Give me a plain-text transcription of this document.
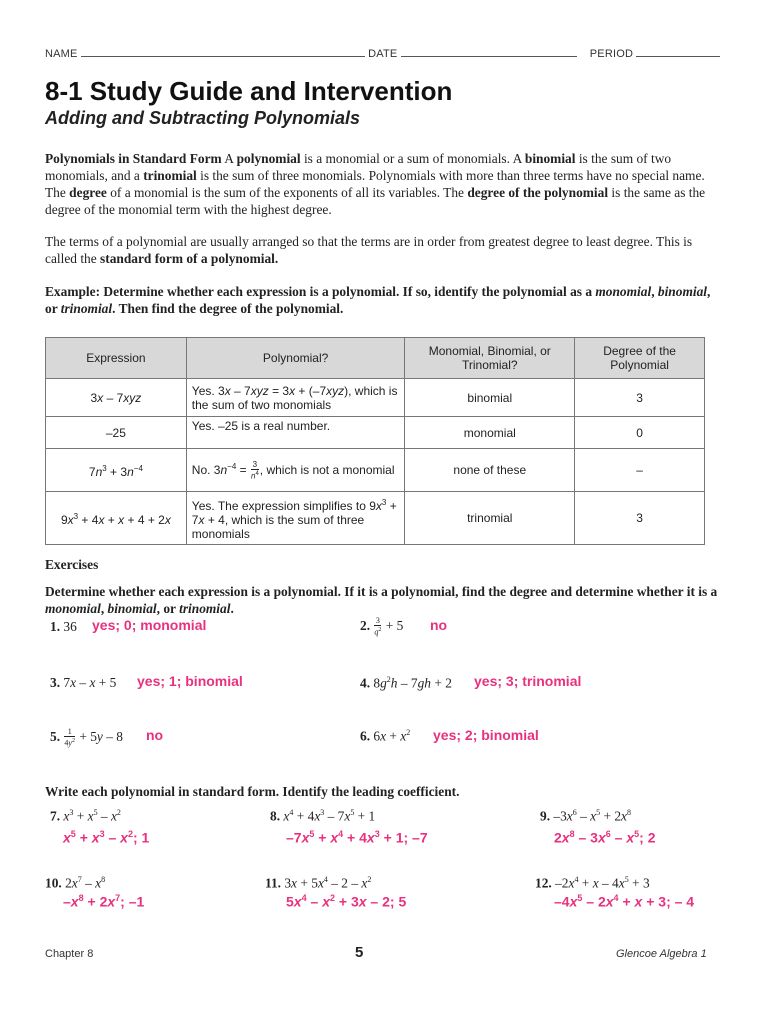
NAME	DATE	PERIOD
8-1 Study Guide and Intervention
Adding and Subtracting Polynomials

Polynomials in Standard Form A polynomial is a monomial or a sum of monomials. A binomial is the sum of two monomials, and a trinomial is the sum of three monomials. Polynomials with more than three terms have no special name. The degree of a monomial is the sum of the exponents of all its variables. The degree of the polynomial is the same as the degree of the monomial term with the highest degree.

The terms of a polynomial are usually arranged so that the terms are in order from greatest degree to least degree. This is called the standard form of a polynomial.

Example: Determine whether each expression is a polynomial. If so, identify the polynomial as a monomial, binomial, or trinomial. Then find the degree of the polynomial.

Expression	Polynomial?	Monomial, Binomial, or Trinomial?	Degree of the Polynomial
3x – 7xyz	Yes. 3x – 7xyz = 3x + (–7xyz), which is the sum of two monomials	binomial	3
–25	Yes. –25 is a real number.	monomial	0
$7n^3 + 3n^{-4}$	No. $3n^{-4} = \frac{3}{n^4}$ , which is not a monomial	none of these	–
$9x^3 + 4x + x + 4 + 2x$	Yes. The expression simplifies to $9x^3 + 7x + 4$, which is the sum of three monomials	trinomial	3
Exercises

Determine whether each expression is a polynomial. If it is a polynomial, find the degree and determine whether it is a monomial, binomial, or trinomial.

1. 36 yes; 0; monomial	2. $\frac{3}{q^2} + 5$ no
3. 7x – x + 5 yes; 1; binomial	4. $8g^2h - 7gh + 2$ yes; 3; trinomial
5. $\frac{1}{4y^2} + 5y - 8$ no	6. $6x + x^2$ yes; 2; binomial

Write each polynomial in standard form. Identify the leading coefficient.

7. $x^3 + x^5 - x^2$
$x^5 + x^3 - x^2$; 1
8. $x^4 + 4x^3 - 7x^5 + 1$
$-7x^5 + x^4 + 4x^3 + 1$; –7
9. $-3x^6 - x^5 + 2x^8$
$2x^8 - 3x^6 - x^5$; 2
10. $2x^7 - x^8$
$-x^8 + 2x^7$; –1
11. $3x + 5x^4 - 2 - x^2$
$5x^4 - x^2 + 3x - 2$; 5
12. $-2x^4 + x - 4x^5 + 3$
$-4x^5 - 2x^4 + x + 3$; – 4
Chapter 8	5	Glencoe Algebra 1
